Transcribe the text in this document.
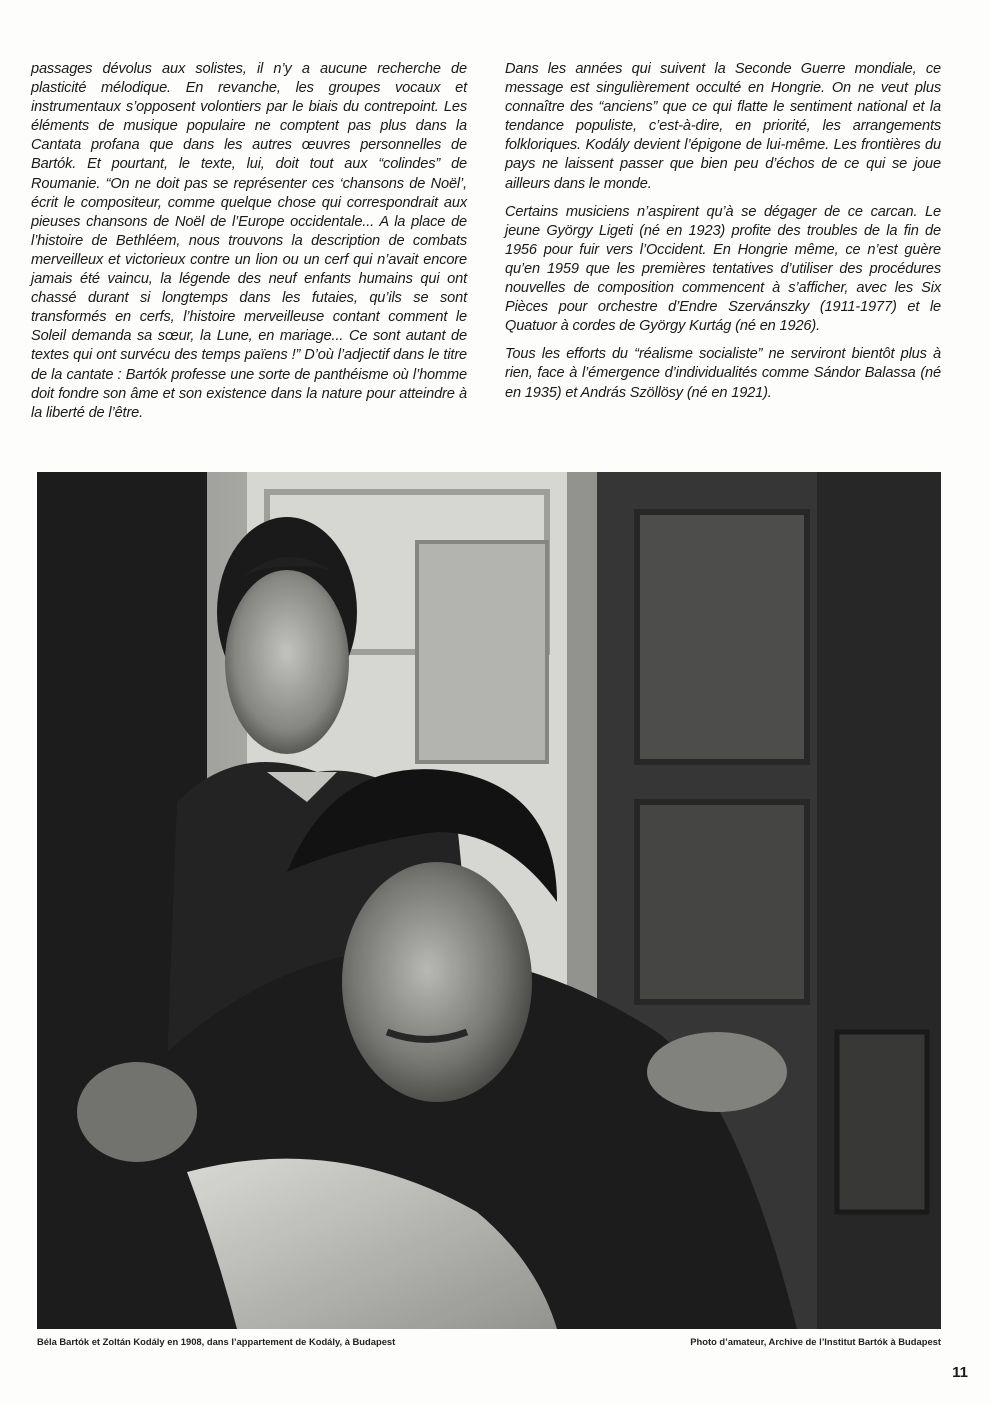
passages dévolus aux solistes, il n’y a aucune recherche de plasticité mélodique. En revanche, les groupes vocaux et instrumentaux s’opposent volontiers par le biais du contrepoint. Les éléments de musique populaire ne comptent pas plus dans la Cantata profana que dans les autres œuvres personnelles de Bartók. Et pourtant, le texte, lui, doit tout aux “colindes” de Roumanie. “On ne doit pas se représenter ces ‘chansons de Noël’, écrit le compositeur, comme quelque chose qui correspondrait aux pieuses chansons de Noël de l’Europe occidentale... A la place de l’histoire de Bethléem, nous trouvons la description de combats merveilleux et victorieux contre un lion ou un cerf qui n’avait encore jamais été vaincu, la légende des neuf enfants humains qui ont chassé durant si longtemps dans les futaies, qu’ils se sont transformés en cerfs, l’histoire merveilleuse contant comment le Soleil demanda sa sœur, la Lune, en mariage... Ce sont autant de textes qui ont survécu des temps païens !” D’où l’adjectif dans le titre de la cantate : Bartók professe une sorte de panthéisme où l’homme doit fondre son âme et son existence dans la nature pour atteindre à la liberté de l’être.

Dans les années qui suivent la Seconde Guerre mondiale, ce message est singulièrement occulté en Hongrie. On ne veut plus connaître des “anciens” que ce qui flatte le sentiment national et la tendance populiste, c’est-à-dire, en priorité, les arrangements folkloriques. Kodály devient l’épigone de lui-même. Les frontières du pays ne laissent passer que bien peu d’échos de ce qui se joue ailleurs dans le monde.

Certains musiciens n’aspirent qu’à se dégager de ce carcan. Le jeune György Ligeti (né en 1923) profite des troubles de la fin de 1956 pour fuir vers l’Occident. En Hongrie même, ce n’est guère qu’en 1959 que les premières tentatives d’utiliser des procédures nouvelles de composition commencent à s’afficher, avec les Six Pièces pour orchestre d’Endre Szervánszky (1911-1977) et le Quatuor à cordes de György Kurtág (né en 1926).

Tous les efforts du “réalisme socialiste” ne serviront bientôt plus à rien, face à l’émergence d’individualités comme Sándor Balassa (né en 1935) et András Szöllösy (né en 1921).

Béla Bartók et Zoltán Kodály en 1908, dans l’appartement de Kodály, à Budapest	Photo d’amateur, Archive de l’Institut Bartók à Budapest
11
